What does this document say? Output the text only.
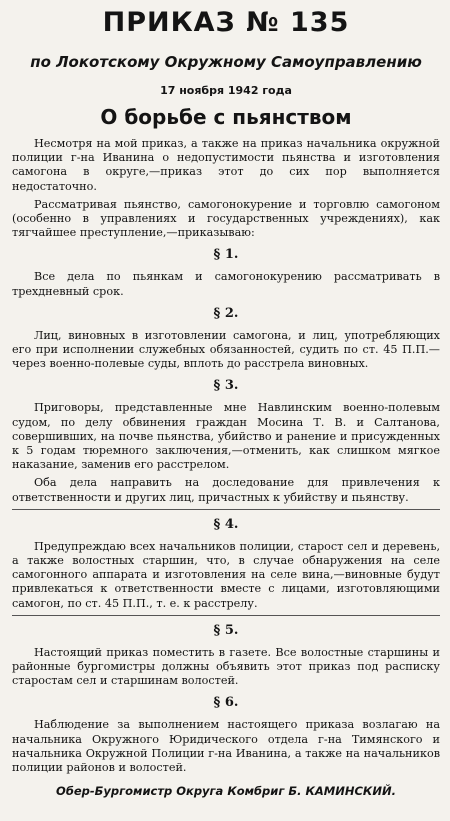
ПРИКАЗ № 135
по Локотскому Окружному Самоуправлению
17 ноября 1942 года
О борьбе с пьянством

Несмотря на мой приказ, а также на приказ начальника окружной полиции г-на Иванина о недопустимости пьянства и изготовления самогона в округе,—приказ этот до сих пор выполняется недостаточно.

Рассматривая пьянство, самогонокурение и торговлю самогоном (особенно в управлениях и государственных учреждениях), как тягчайшее преступление,—приказываю:

§ 1.

Все дела по пьянкам и самогонокурению рассматривать в трехдневный срок.

§ 2.

Лиц, виновных в изготовлении самогона, и лиц, употребляющих его при исполнении служебных обязанностей, судить по ст. 45 П.П.—через военно-полевые суды, вплоть до расстрела виновных.

§ 3.

Приговоры, представленные мне Навлинским военно-полевым судом, по делу обвинения граждан Мосина Т. В. и Салтанова, совершивших, на почве пьянства, убийство и ранение и присужденных к 5 годам тюремного заключения,—отменить, как слишком мягкое наказание, заменив его расстрелом.

Оба дела направить на доследование для привлечения к ответственности и других лиц, причастных к убийству и пьянству.

§ 4.

Предупреждаю всех начальников полиции, старост сел и деревень, а также волостных старшин, что, в случае обнаружения на селе самогонного аппарата и изготовления на селе вина,—виновные будут привлекаться к ответственности вместе с лицами, изготовляющими самогон, по ст. 45 П.П., т. е. к расстрелу.

§ 5.

Настоящий приказ поместить в газете. Все волостные старшины и районные бургомистры должны объявить этот приказ под расписку старостам сел и старшинам волостей.

§ 6.

Наблюдение за выполнением настоящего приказа возлагаю на начальника Окружного Юридического отдела г-на Тимянского и начальника Окружной Полиции г-на Иванина, а также на начальников полиции районов и волостей.

Обер-Бургомистр Округа Комбриг Б. КАМИНСКИЙ.
